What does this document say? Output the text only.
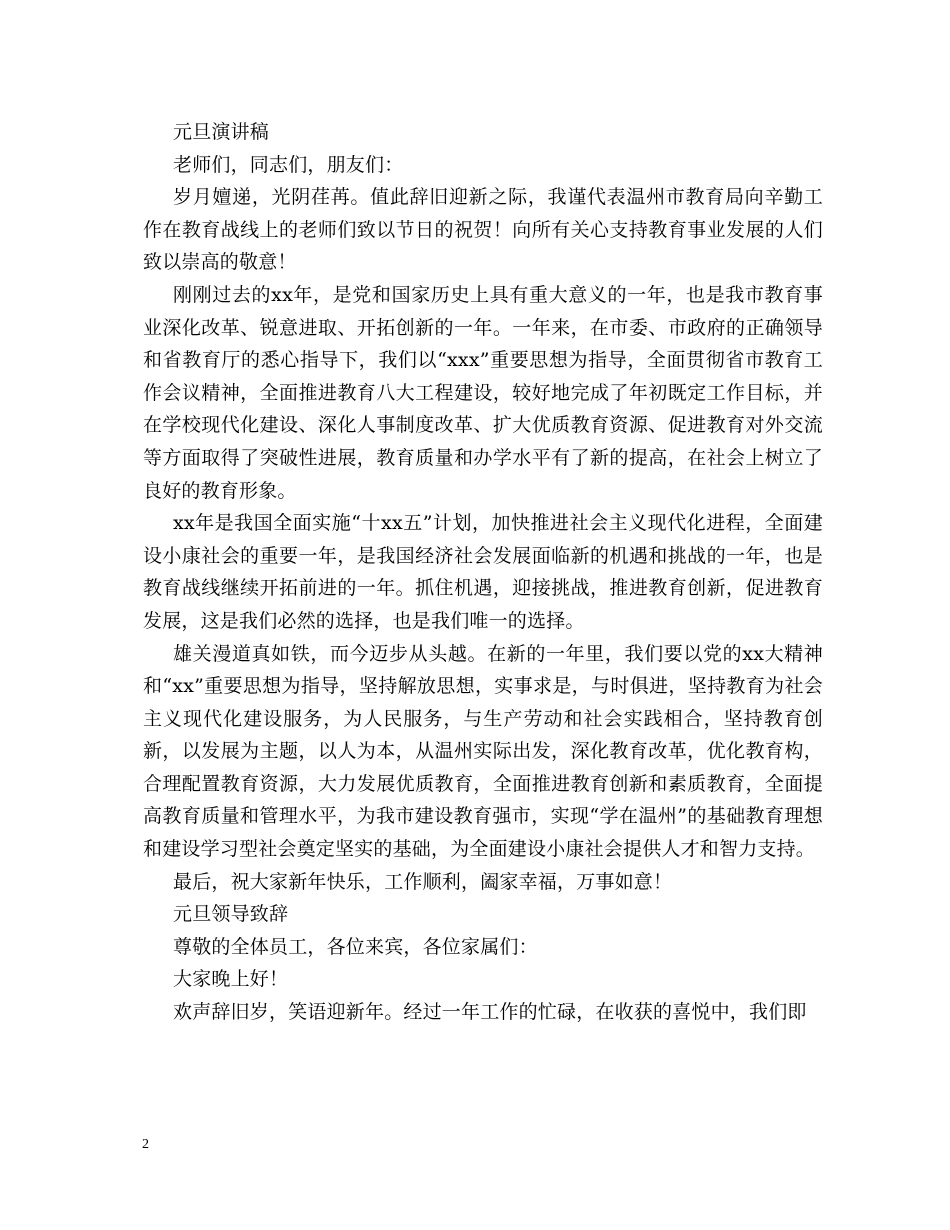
元旦演讲稿

老师们，同志们，朋友们：

岁月嬗递，光阴荏苒。值此辞旧迎新之际，我谨代表温州市教育局向辛勤工作在教育战线上的老师们致以节日的祝贺！向所有关心支持教育事业发展的人们致以崇高的敬意！

刚刚过去的xx年，是党和国家历史上具有重大意义的一年，也是我市教育事业深化改革、锐意进取、开拓创新的一年。一年来，在市委、市政府的正确领导和省教育厅的悉心指导下，我们以“xxx”重要思想为指导，全面贯彻省市教育工作会议精神，全面推进教育八大工程建设，较好地完成了年初既定工作目标，并在学校现代化建设、深化人事制度改革、扩大优质教育资源、促进教育对外交流等方面取得了突破性进展，教育质量和办学水平有了新的提高，在社会上树立了良好的教育形象。

xx年是我国全面实施“十xx五”计划，加快推进社会主义现代化进程，全面建设小康社会的重要一年，是我国经济社会发展面临新的机遇和挑战的一年，也是教育战线继续开拓前进的一年。抓住机遇，迎接挑战，推进教育创新，促进教育发展，这是我们必然的选择，也是我们唯一的选择。

雄关漫道真如铁，而今迈步从头越。在新的一年里，我们要以党的xx大精神和“xx”重要思想为指导，坚持解放思想，实事求是，与时俱进，坚持教育为社会主义现代化建设服务，为人民服务，与生产劳动和社会实践相合，坚持教育创新，以发展为主题，以人为本，从温州实际出发，深化教育改革，优化教育构，合理配置教育资源，大力发展优质教育，全面推进教育创新和素质教育，全面提高教育质量和管理水平，为我市建设教育强市，实现“学在温州”的基础教育理想和建设学习型社会奠定坚实的基础，为全面建设小康社会提供人才和智力支持。

最后，祝大家新年快乐，工作顺利，阖家幸福，万事如意！

元旦领导致辞

尊敬的全体员工，各位来宾，各位家属们：

大家晚上好！

欢声辞旧岁，笑语迎新年。经过一年工作的忙碌，在收获的喜悦中，我们即

2
